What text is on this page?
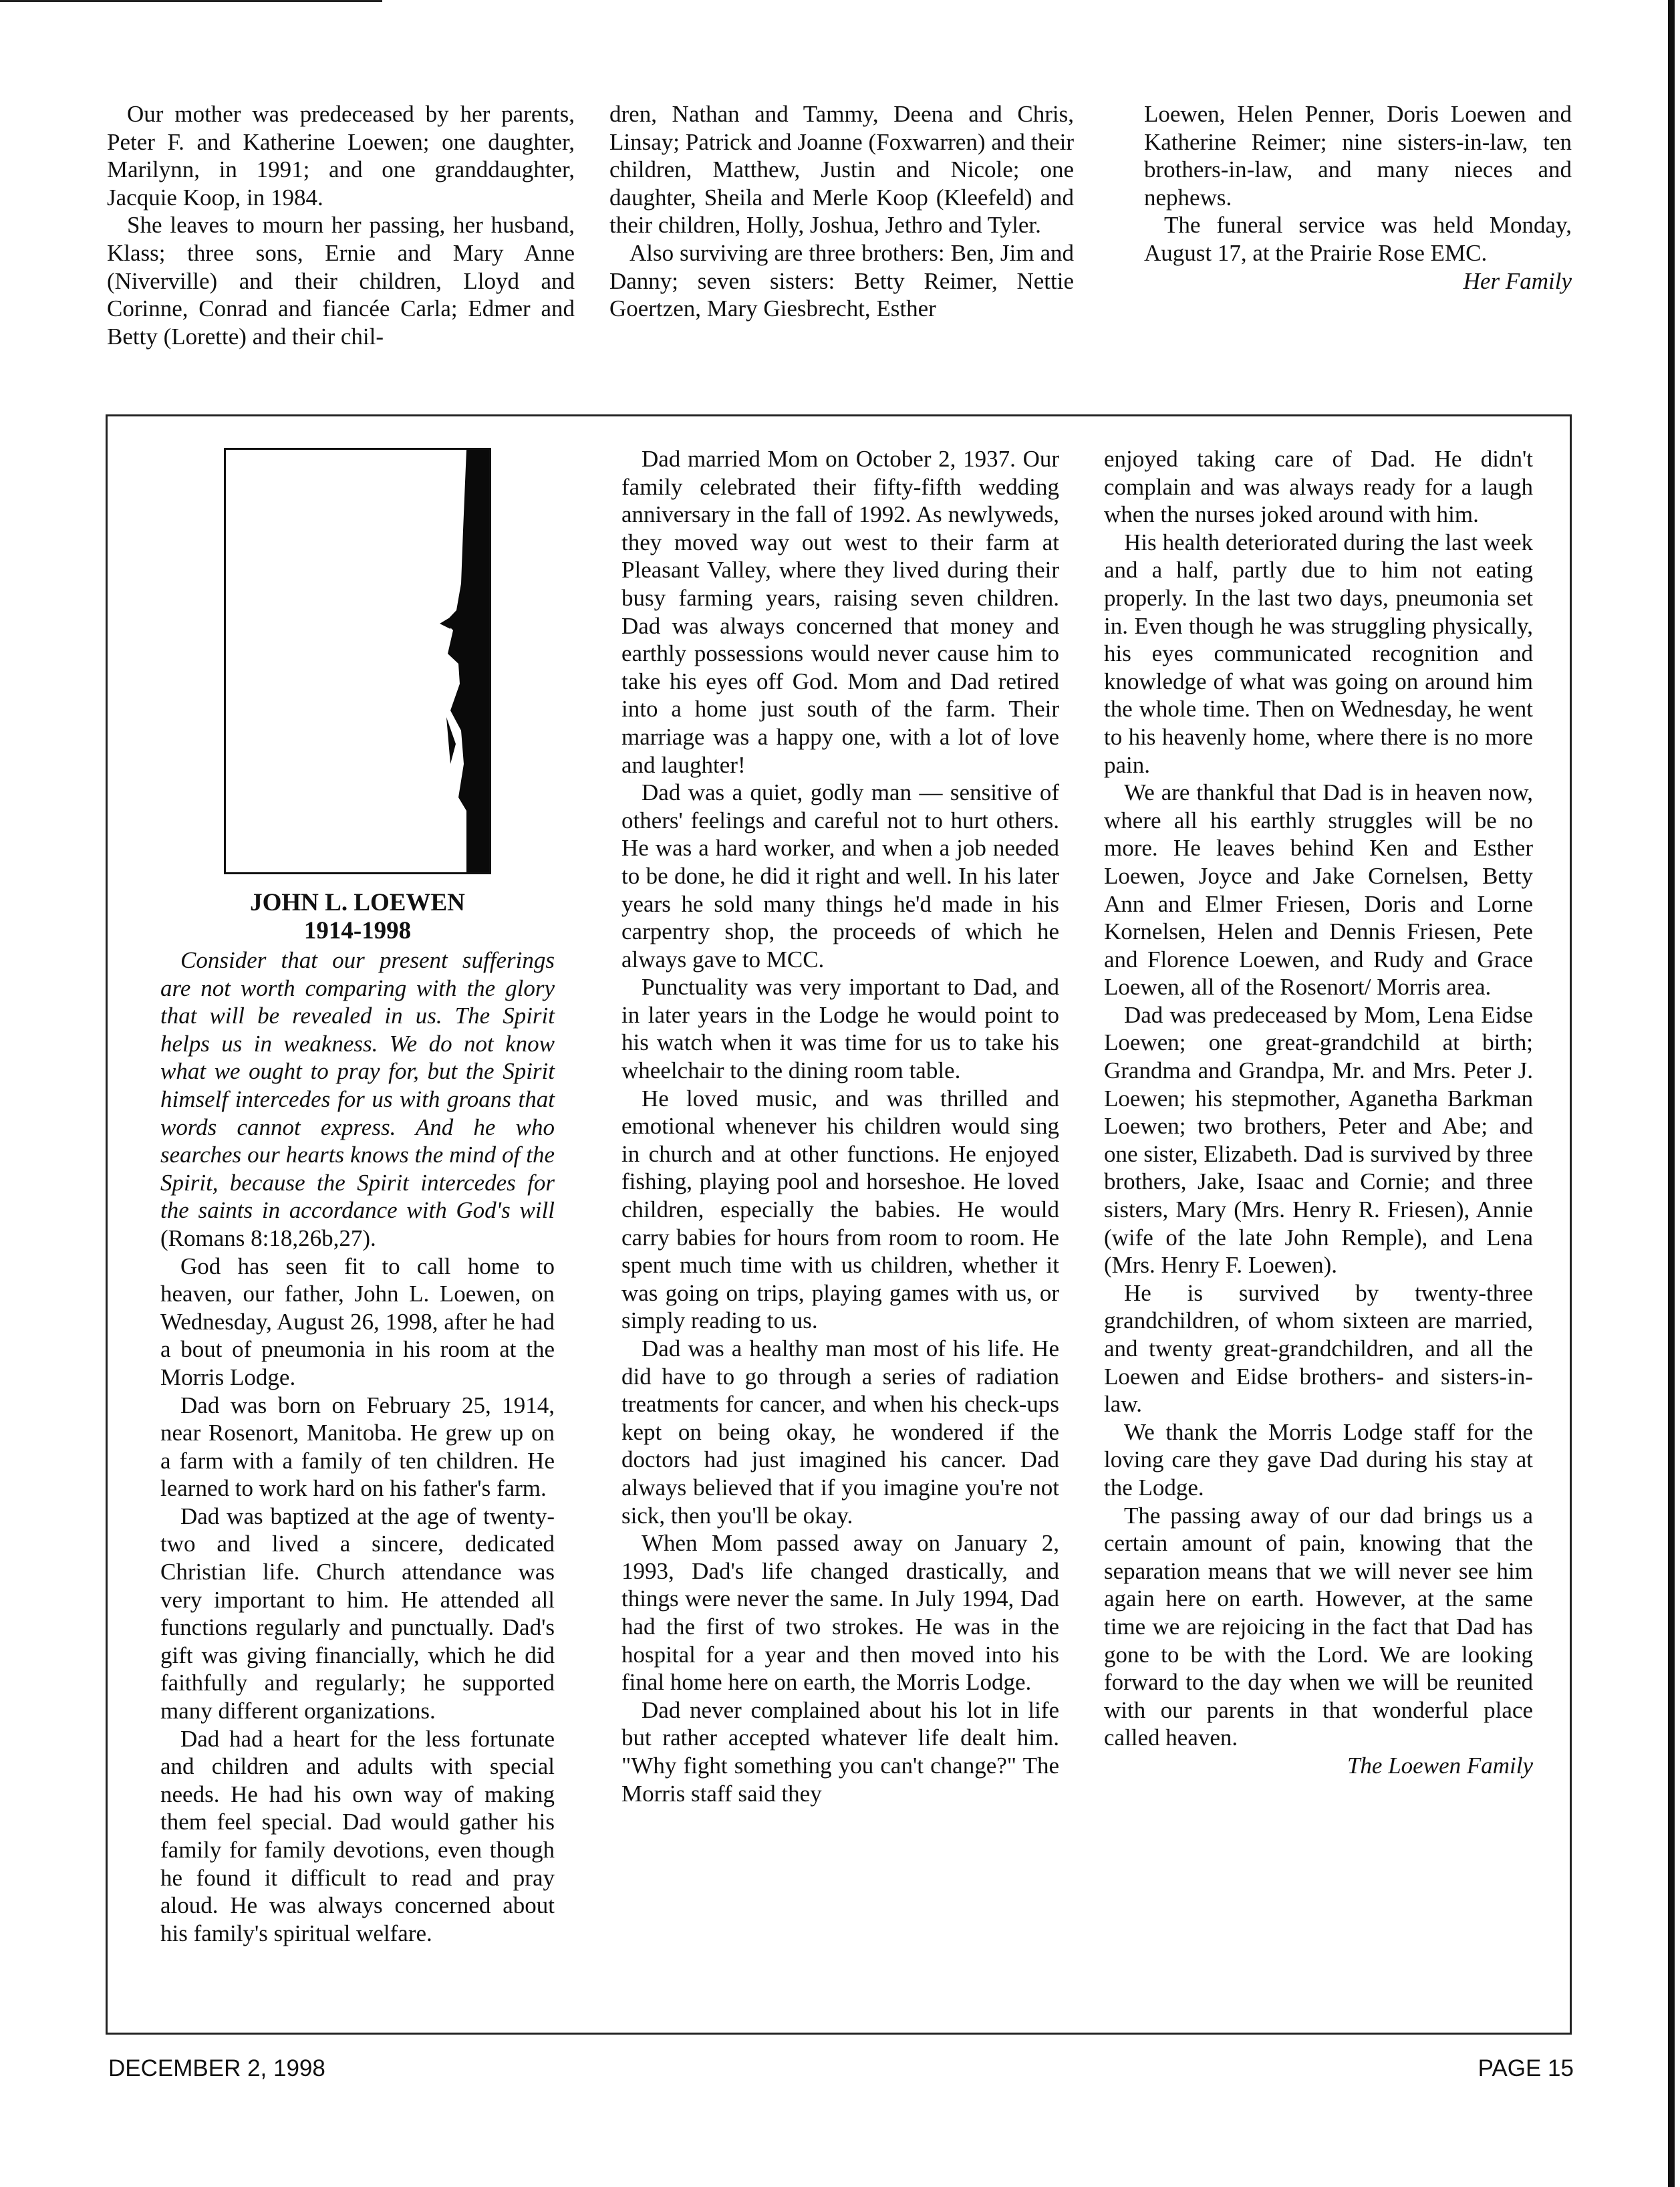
Our mother was predeceased by her parents, Peter F. and Katherine Loewen; one daughter, Marilynn, in 1991; and one granddaughter, Jacquie Koop, in 1984.

She leaves to mourn her passing, her husband, Klass; three sons, Ernie and Mary Anne (Niverville) and their children, Lloyd and Corinne, Conrad and fiancée Carla; Edmer and Betty (Lorette) and their chil-

dren, Nathan and Tammy, Deena and Chris, Linsay; Patrick and Joanne (Foxwarren) and their children, Matthew, Justin and Nicole; one daughter, Sheila and Merle Koop (Kleefeld) and their children, Holly, Joshua, Jethro and Tyler.

Also surviving are three brothers: Ben, Jim and Danny; seven sisters: Betty Reimer, Nettie Goertzen, Mary Giesbrecht, Esther

Loewen, Helen Penner, Doris Loewen and Katherine Reimer; nine sisters-in-law, ten brothers-in-law, and many nieces and nephews.

The funeral service was held Monday, August 17, at the Prairie Rose EMC.

Her Family

JOHN L. LOEWEN
1914-1998

Consider that our present sufferings are not worth comparing with the glory that will be revealed in us. The Spirit helps us in weakness. We do not know what we ought to pray for, but the Spirit himself intercedes for us with groans that words cannot express. And he who searches our hearts knows the mind of the Spirit, because the Spirit intercedes for the saints in accordance with God's will (Romans 8:18,26b,27).

God has seen fit to call home to heaven, our father, John L. Loewen, on Wednesday, August 26, 1998, after he had a bout of pneumonia in his room at the Morris Lodge.

Dad was born on February 25, 1914, near Rosenort, Manitoba. He grew up on a farm with a family of ten children. He learned to work hard on his father's farm.

Dad was baptized at the age of twenty-two and lived a sincere, dedicated Christian life. Church attendance was very important to him. He attended all functions regularly and punctually. Dad's gift was giving financially, which he did faithfully and regularly; he supported many different organizations.

Dad had a heart for the less fortunate and children and adults with special needs. He had his own way of making them feel special. Dad would gather his family for family devotions, even though he found it difficult to read and pray aloud. He was always concerned about his family's spiritual welfare.

Dad married Mom on October 2, 1937. Our family celebrated their fifty-fifth wedding anniversary in the fall of 1992. As newlyweds, they moved way out west to their farm at Pleasant Valley, where they lived during their busy farming years, raising seven children. Dad was always concerned that money and earthly possessions would never cause him to take his eyes off God. Mom and Dad retired into a home just south of the farm. Their marriage was a happy one, with a lot of love and laughter!

Dad was a quiet, godly man — sensitive of others' feelings and careful not to hurt others. He was a hard worker, and when a job needed to be done, he did it right and well. In his later years he sold many things he'd made in his carpentry shop, the proceeds of which he always gave to MCC.

Punctuality was very important to Dad, and in later years in the Lodge he would point to his watch when it was time for us to take his wheelchair to the dining room table.

He loved music, and was thrilled and emotional whenever his children would sing in church and at other functions. He enjoyed fishing, playing pool and horseshoe. He loved children, especially the babies. He would carry babies for hours from room to room. He spent much time with us children, whether it was going on trips, playing games with us, or simply reading to us.

Dad was a healthy man most of his life. He did have to go through a series of radiation treatments for cancer, and when his check-ups kept on being okay, he wondered if the doctors had just imagined his cancer. Dad always believed that if you imagine you're not sick, then you'll be okay.

When Mom passed away on January 2, 1993, Dad's life changed drastically, and things were never the same. In July 1994, Dad had the first of two strokes. He was in the hospital for a year and then moved into his final home here on earth, the Morris Lodge.

Dad never complained about his lot in life but rather accepted whatever life dealt him. "Why fight something you can't change?" The Morris staff said they

enjoyed taking care of Dad. He didn't complain and was always ready for a laugh when the nurses joked around with him.

His health deteriorated during the last week and a half, partly due to him not eating properly. In the last two days, pneumonia set in. Even though he was struggling physically, his eyes communicated recognition and knowledge of what was going on around him the whole time. Then on Wednesday, he went to his heavenly home, where there is no more pain.

We are thankful that Dad is in heaven now, where all his earthly struggles will be no more. He leaves behind Ken and Esther Loewen, Joyce and Jake Cornelsen, Betty Ann and Elmer Friesen, Doris and Lorne Kornelsen, Helen and Dennis Friesen, Pete and Florence Loewen, and Rudy and Grace Loewen, all of the Rosenort/ Morris area.

Dad was predeceased by Mom, Lena Eidse Loewen; one great-grandchild at birth; Grandma and Grandpa, Mr. and Mrs. Peter J. Loewen; his stepmother, Aganetha Barkman Loewen; two brothers, Peter and Abe; and one sister, Elizabeth. Dad is survived by three brothers, Jake, Isaac and Cornie; and three sisters, Mary (Mrs. Henry R. Friesen), Annie (wife of the late John Remple), and Lena (Mrs. Henry F. Loewen).

He is survived by twenty-three grandchildren, of whom sixteen are married, and twenty great-grandchildren, and all the Loewen and Eidse brothers- and sisters-in-law.

We thank the Morris Lodge staff for the loving care they gave Dad during his stay at the Lodge.

The passing away of our dad brings us a certain amount of pain, knowing that the separation means that we will never see him again here on earth. However, at the same time we are rejoicing in the fact that Dad has gone to be with the Lord. We are looking forward to the day when we will be reunited with our parents in that wonderful place called heaven.

The Loewen Family

DECEMBER 2, 1998	PAGE 15
